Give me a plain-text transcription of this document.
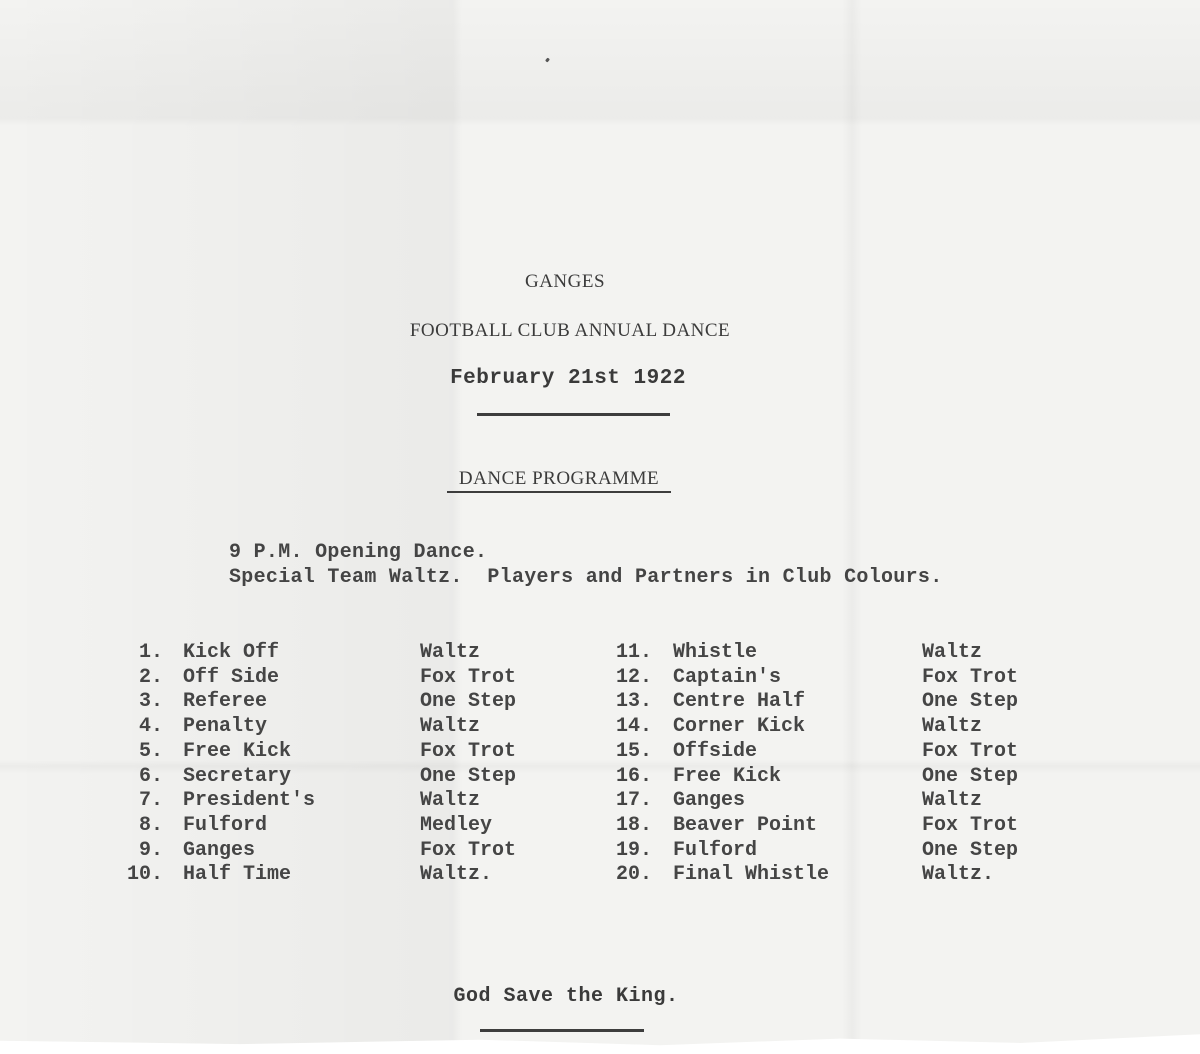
GANGES
FOOTBALL CLUB ANNUAL DANCE
February 21st 1922
DANCE PROGRAMME
9 P.M. Opening Dance.
Special Team Waltz.  Players and Partners in Club Colours.
1. Kick Off	Waltz
2. Off Side	Fox Trot
3. Referee	One Step
4. Penalty	Waltz
5. Free Kick	Fox Trot
6. Secretary	One Step
7. President's	Waltz
8. Fulford	Medley
9. Ganges	Fox Trot
10. Half Time	Waltz.
11. Whistle	Waltz
12. Captain's	Fox Trot
13. Centre Half	One Step
14. Corner Kick	Waltz
15. Offside	Fox Trot
16. Free Kick	One Step
17. Ganges	Waltz
18. Beaver Point	Fox Trot
19. Fulford	One Step
20. Final Whistle	Waltz.
God Save the King.
